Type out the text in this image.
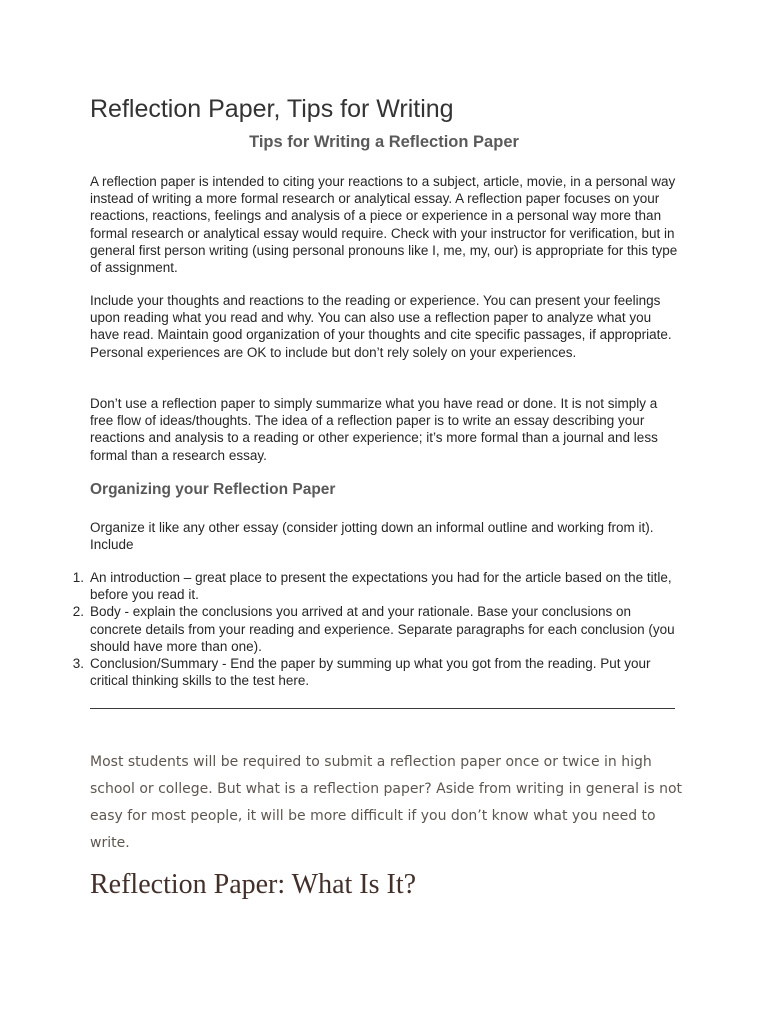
Reflection Paper, Tips for Writing
Tips for Writing a Reflection Paper

A reflection paper is intended to citing your reactions to a subject, article, movie, in a personal way instead of writing a more formal research or analytical essay. A reflection paper focuses on your reactions, reactions, feelings and analysis of a piece or experience in a personal way more than formal research or analytical essay would require. Check with your instructor for verification, but in general first person writing (using personal pronouns like I, me, my, our) is appropriate for this type of assignment.

Include your thoughts and reactions to the reading or experience. You can present your feelings upon reading what you read and why. You can also use a reflection paper to analyze what you have read. Maintain good organization of your thoughts and cite specific passages, if appropriate. Personal experiences are OK to include but don’t rely solely on your experiences.

Don’t use a reflection paper to simply summarize what you have read or done. It is not simply a free flow of ideas/thoughts. The idea of a reflection paper is to write an essay describing your reactions and analysis to a reading or other experience; it’s more formal than a journal and less formal than a research essay.

Organizing your Reflection Paper

Organize it like any other essay (consider jotting down an informal outline and working from it). Include

1. An introduction – great place to present the expectations you had for the article based on the title, before you read it.
2. Body - explain the conclusions you arrived at and your rationale. Base your conclusions on concrete details from your reading and experience. Separate paragraphs for each conclusion (you should have more than one).
3. Conclusion/Summary - End the paper by summing up what you got from the reading. Put your critical thinking skills to the test here.

Most students will be required to submit a reflection paper once or twice in high school or college. But what is a reflection paper? Aside from writing in general is not easy for most people, it will be more difficult if you don’t know what you need to write.

Reflection Paper: What Is It?
